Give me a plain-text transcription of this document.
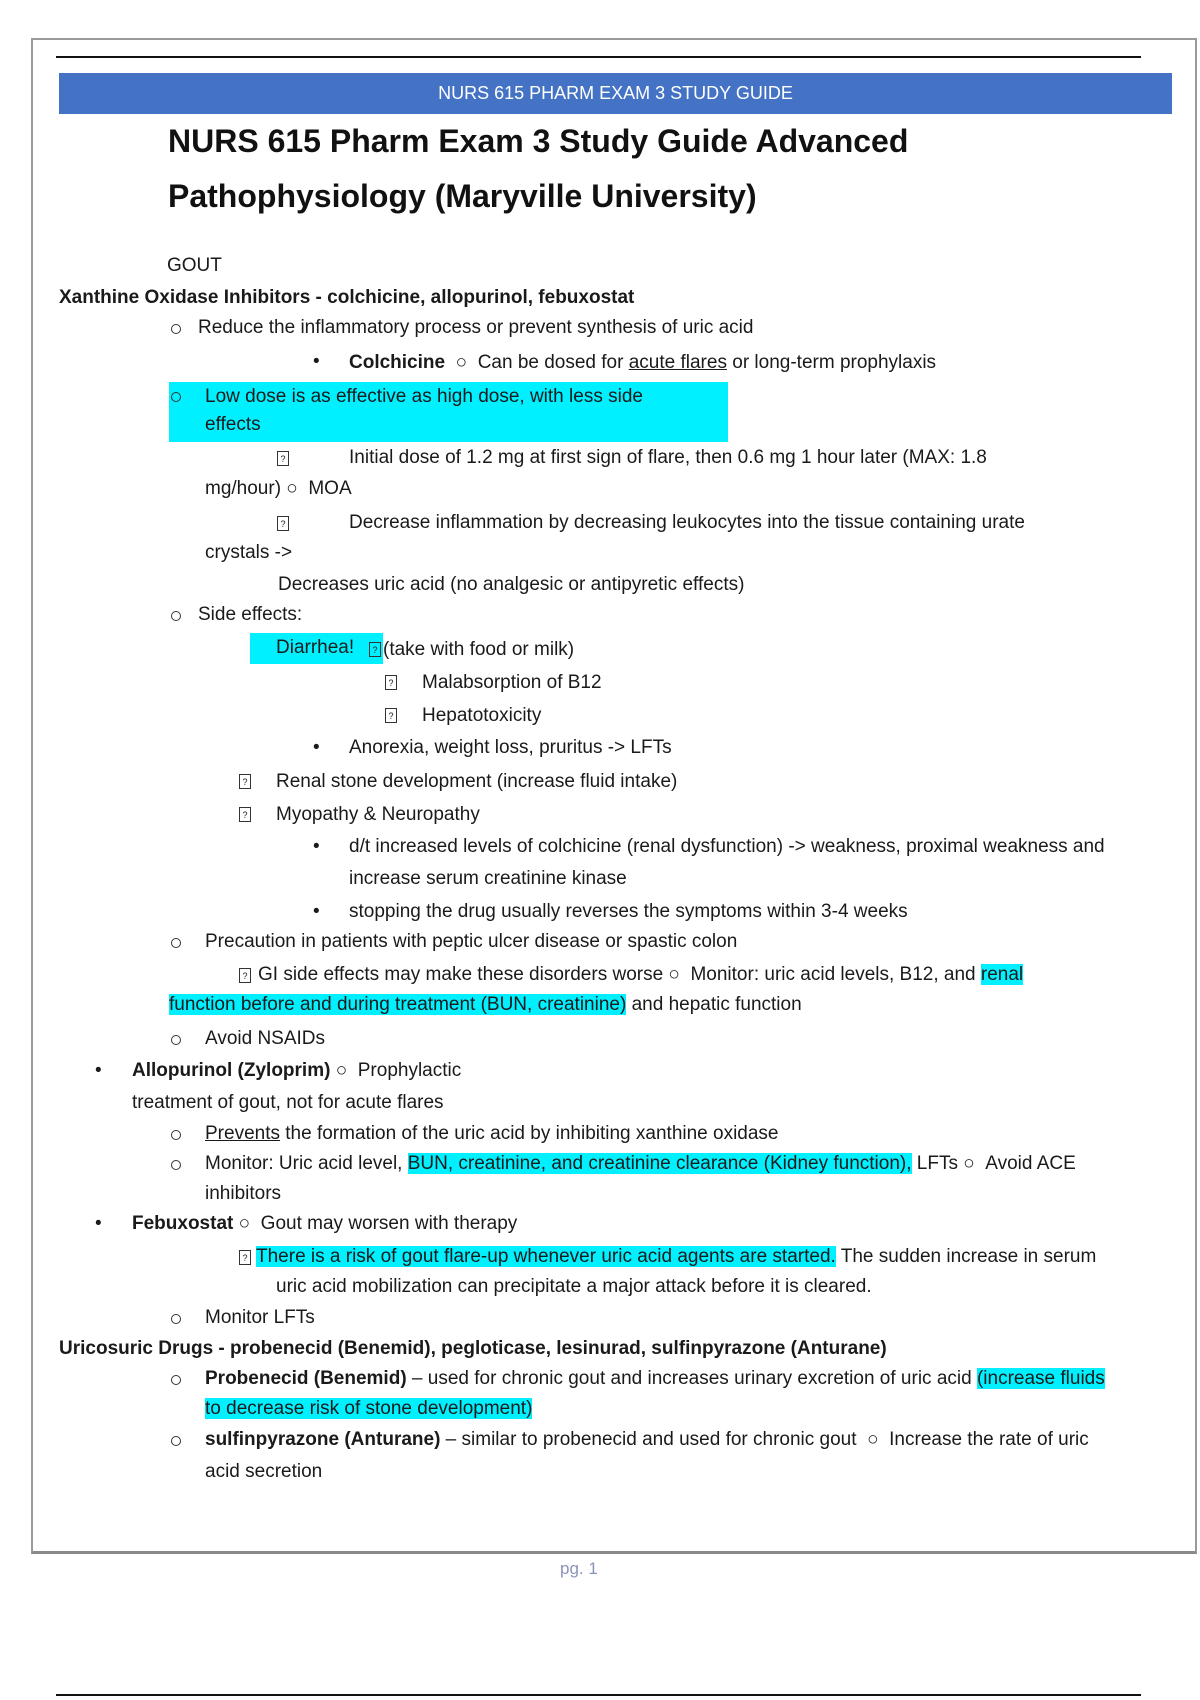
NURS 615 PHARM EXAM 3 STUDY GUIDE
NURS 615 Pharm Exam 3 Study Guide Advanced Pathophysiology (Maryville University)
GOUT
Xanthine Oxidase Inhibitors - colchicine, allopurinol, febuxostat
Reduce the inflammatory process or prevent synthesis of uric acid
• Colchicine  ○  Can be dosed for acute flares or long-term prophylaxis
Low dose is as effective as high dose, with less side
effects
?	Initial dose of 1.2 mg at first sign of flare, then 0.6 mg 1 hour later (MAX: 1.8
mg/hour) ○  MOA
?	Decrease inflammation by decreasing leukocytes into the tissue containing urate
crystals ->
Decreases uric acid (no analgesic or antipyretic effects)
Side effects:
Diarrhea!	? (take with food or milk)
? Malabsorption of B12
? Hepatotoxicity
• Anorexia, weight loss, pruritus -> LFTs
? Renal stone development (increase fluid intake)
? Myopathy & Neuropathy
• d/t increased levels of colchicine (renal dysfunction) -> weakness, proximal weakness and
increase serum creatinine kinase
• stopping the drug usually reverses the symptoms within 3-4 weeks
Precaution in patients with peptic ulcer disease or spastic colon
? GI side effects may make these disorders worse ○  Monitor: uric acid levels, B12, and renal
function before and during treatment (BUN, creatinine) and hepatic function
Avoid NSAIDs
• Allopurinol (Zyloprim) ○  Prophylactic
treatment of gout, not for acute flares
Prevents the formation of the uric acid by inhibiting xanthine oxidase
Monitor: Uric acid level, BUN, creatinine, and creatinine clearance (Kidney function), LFTs ○  Avoid ACE
inhibitors
• Febuxostat ○  Gout may worsen with therapy
? There is a risk of gout flare-up whenever uric acid agents are started. The sudden increase in serum
uric acid mobilization can precipitate a major attack before it is cleared.
Monitor LFTs
Uricosuric Drugs - probenecid (Benemid), pegloticase, lesinurad, sulfinpyrazone (Anturane)
Probenecid (Benemid) – used for chronic gout and increases urinary excretion of uric acid (increase fluids
to decrease risk of stone development)
sulfinpyrazone (Anturane) – similar to probenecid and used for chronic gout  ○  Increase the rate of uric
acid secretion
pg. 1
